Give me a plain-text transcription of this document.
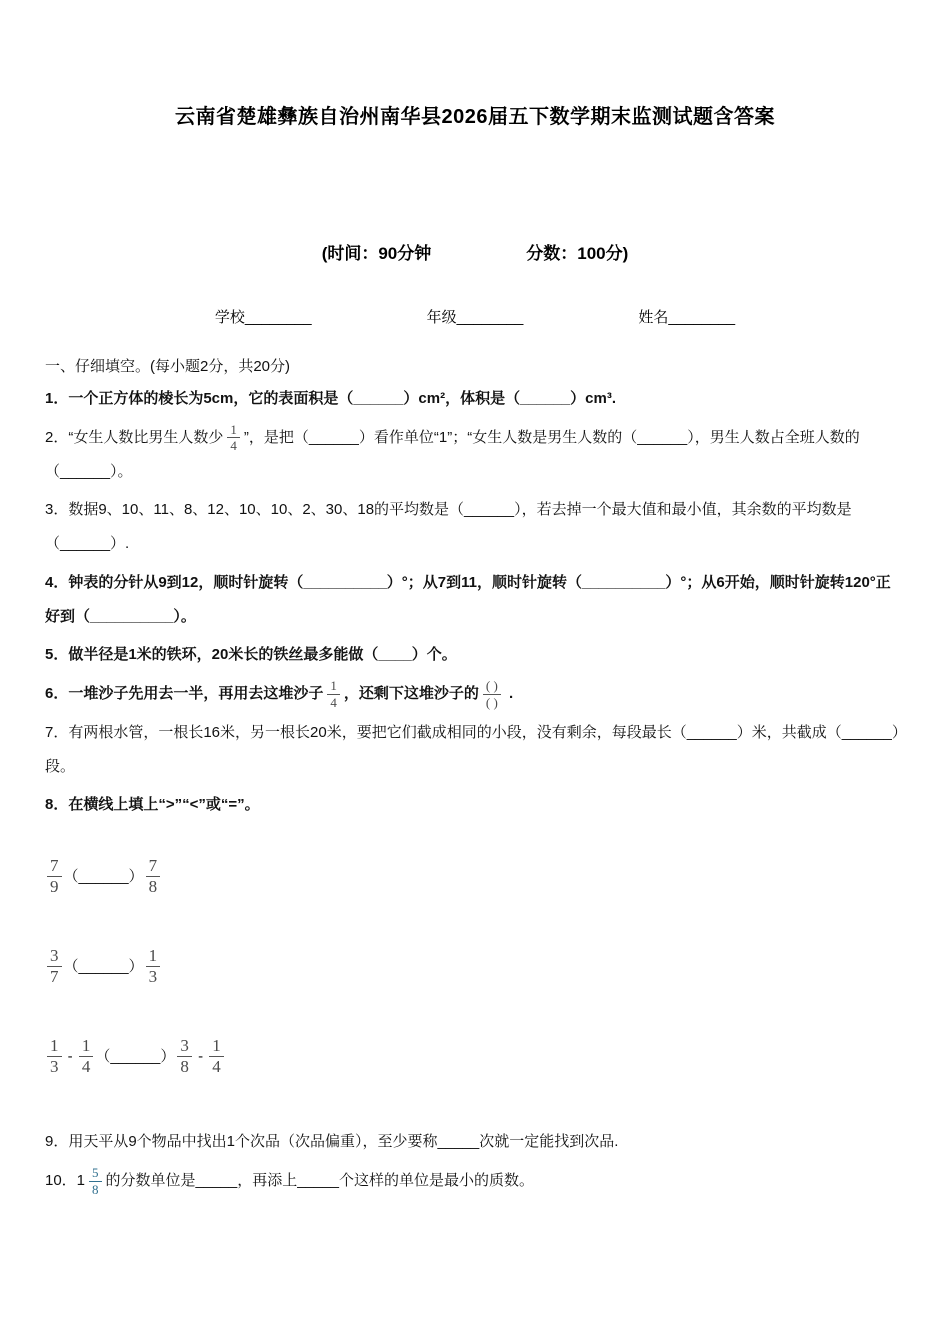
云南省楚雄彝族自治州南华县2026届五下数学期末监测试题含答案
(时间：90分钟	分数：100分)
学校________	年级________	姓名________
一、仔细填空。(每小题2分，共20分)

1．一个正方体的棱长为5cm，它的表面积是（______）cm²，体积是（______）cm³.

2．“女生人数比男生人数少 $\frac{1}{4}$ ”，是把（______）看作单位“1”；“女生人数是男生人数的（______），男生人数占全班人数的（______）。

3．数据9、10、11、8、12、10、10、2、30、18的平均数是（______），若去掉一个最大值和最小值，其余数的平均数是（______）.

4．钟表的分针从9到12，顺时针旋转（__________）°；从7到11，顺时针旋转（__________）°；从6开始，顺时针旋转120°正好到（__________）。

5．做半径是1米的铁环，20米长的铁丝最多能做（____）个。

6．一堆沙子先用去一半，再用去这堆沙子 $\frac{1}{4}$ ，还剩下这堆沙子的 $\frac{( )}{( )}$ .

7．有两根水管，一根长16米，另一根长20米，要把它们截成相同的小段，没有剩余，每段最长（______）米，共截成（______）段。

8．在横线上填上“>”“<”或“=”。

$\frac{7}{9}$ （______） $\frac{7}{8}$

$\frac{3}{7}$ （______） $\frac{1}{3}$

$\frac{1}{3} - \frac{1}{4}$ （______） $\frac{3}{8} - \frac{1}{4}$

9．用天平从9个物品中找出1个次品（次品偏重），至少要称_____次就一定能找到次品.

10．$1 \frac{5}{8}$ 的分数单位是_____，再添上_____个这样的单位是最小的质数。
